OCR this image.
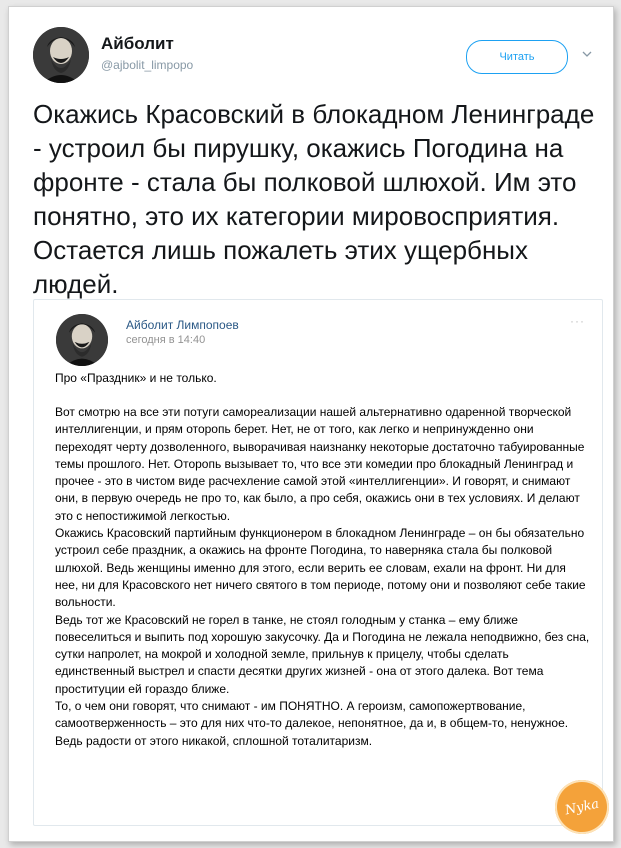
Айболит
@ajbolit_limpopo
Читать
Окажись Красовский в блокадном Ленинграде - устроил бы пирушку, окажись Погодина на фронте - стала бы полковой шлюхой. Им это понятно, это их категории мировосприятия. Остается лишь пожалеть этих ущербных людей.
Айболит Лимпопоев
сегодня в 14:40
···
Про «Праздник» и не только.

Вот смотрю на все эти потуги самореализации нашей альтернативно одаренной творческой интеллигенции, и прям оторопь берет. Нет, не от того, как легко и непринужденно они переходят черту дозволенного, выворачивая наизнанку некоторые достаточно табуированные темы прошлого. Нет. Оторопь вызывает то, что все эти комедии про блокадный Ленинград и прочее - это в чистом виде расчехление самой этой «интеллигенции». И говорят, и снимают они, в первую очередь не про то, как было, а про себя, окажись они в тех условиях. И делают это с непостижимой легкостью.

Окажись Красовский партийным функционером в блокадном Ленинграде – он бы обязательно устроил себе праздник, а окажись на фронте Погодина, то наверняка стала бы полковой шлюхой. Ведь женщины именно для этого, если верить ее словам, ехали на фронт. Ни для нее, ни для Красовского нет ничего святого в том периоде, потому они и позволяют себе такие вольности.

Ведь тот же Красовский не горел в танке, не стоял голодным у станка – ему ближе повеселиться и выпить под хорошую закусочку. Да и Погодина не лежала неподвижно, без сна, сутки напролет, на мокрой и холодной земле, прильнув к прицелу, чтобы сделать единственный выстрел и спасти десятки других жизней - она от этого далека. Вот тема проституции ей гораздо ближе.

То, о чем они говорят, что снимают - им ПОНЯТНО. А героизм, самопожертвование, самоотверженность – это для них что-то далекое, непонятное, да и, в общем-то, ненужное. Ведь радости от этого никакой, сплошной тоталитаризм.

Nyka
